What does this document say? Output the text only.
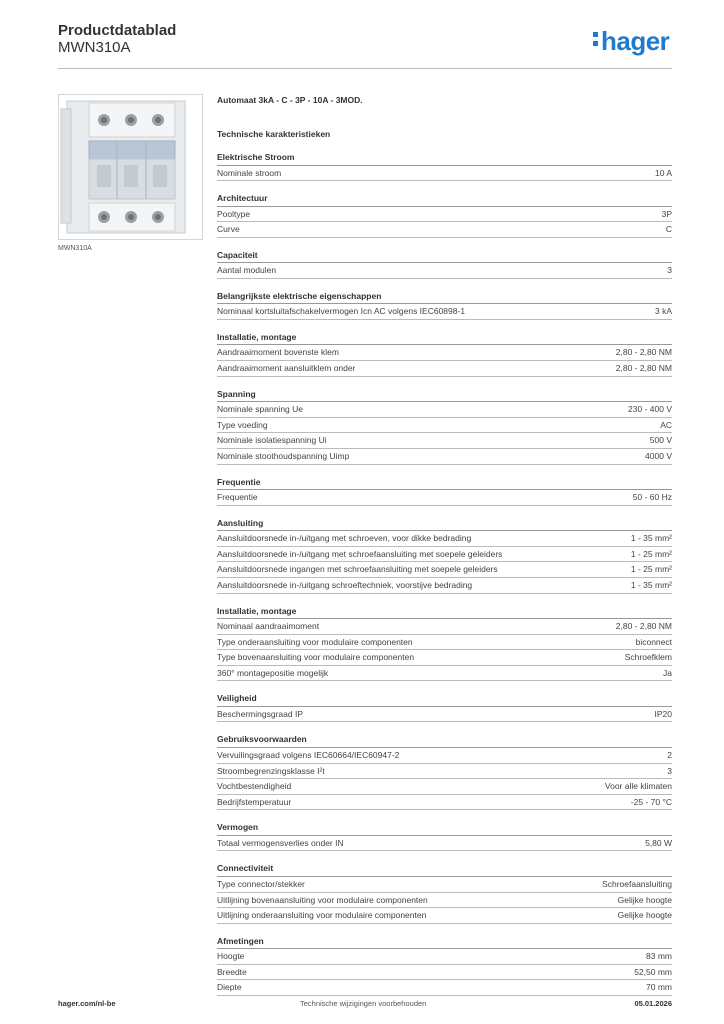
Productdatablad
MWN310A	hager
MWN310A
Automaat 3kA - C - 3P - 10A - 3MOD.
Technische karakteristieken
Elektrische Stroom
Nominale stroom	10 A
Architectuur
Pooltype	3P
Curve	C
Capaciteit
Aantal modulen	3
Belangrijkste elektrische eigenschappen
Nominaal kortsluitafschakelvermogen Icn AC volgens IEC60898-1	3 kA
Installatie, montage
Aandraaimoment bovenste klem	2,80 - 2,80 NM
Aandraaimoment aansluitklem onder	2,80 - 2,80 NM
Spanning
Nominale spanning Ue	230 - 400 V
Type voeding	AC
Nominale isolatiespanning Ui	500 V
Nominale stoothoudspanning Uimp	4000 V
Frequentie
Frequentie	50 - 60 Hz
Aansluiting
Aansluitdoorsnede in-/uitgang met schroeven, voor dikke bedrading	1 - 35 mm²
Aansluitdoorsnede in-/uitgang met schroefaansluiting met soepele geleiders	1 - 25 mm²
Aansluitdoorsnede ingangen met schroefaansluiting met soepele geleiders	1 - 25 mm²
Aansluitdoorsnede in-/uitgang schroeftechniek, voorstijve bedrading	1 - 35 mm²
Installatie, montage
Nominaal aandraaimoment	2,80 - 2,80 NM
Type onderaansluiting voor modulaire componenten	biconnect
Type bovenaansluiting voor modulaire componenten	Schroefklem
360° montagepositie mogelijk	Ja
Veiligheid
Beschermingsgraad IP	IP20
Gebruiksvoorwaarden
Vervuilingsgraad volgens IEC60664/IEC60947-2	2
Stroombegrenzingsklasse I²t	3
Vochtbestendigheid	Voor alle klimaten
Bedrijfstemperatuur	-25 - 70 °C
Vermogen
Totaal vermogensverlies onder IN	5,80 W
Connectiviteit
Type connector/stekker	Schroefaansluiting
Uitlijning bovenaansluiting voor modulaire componenten	Gelijke hoogte
Uitlijning onderaansluiting voor modulaire componenten	Gelijke hoogte
Afmetingen
Hoogte	83 mm
Breedte	52,50 mm
Diepte	70 mm
hager.com/nl-be	Technische wijzigingen voorbehouden	05.01.2026
